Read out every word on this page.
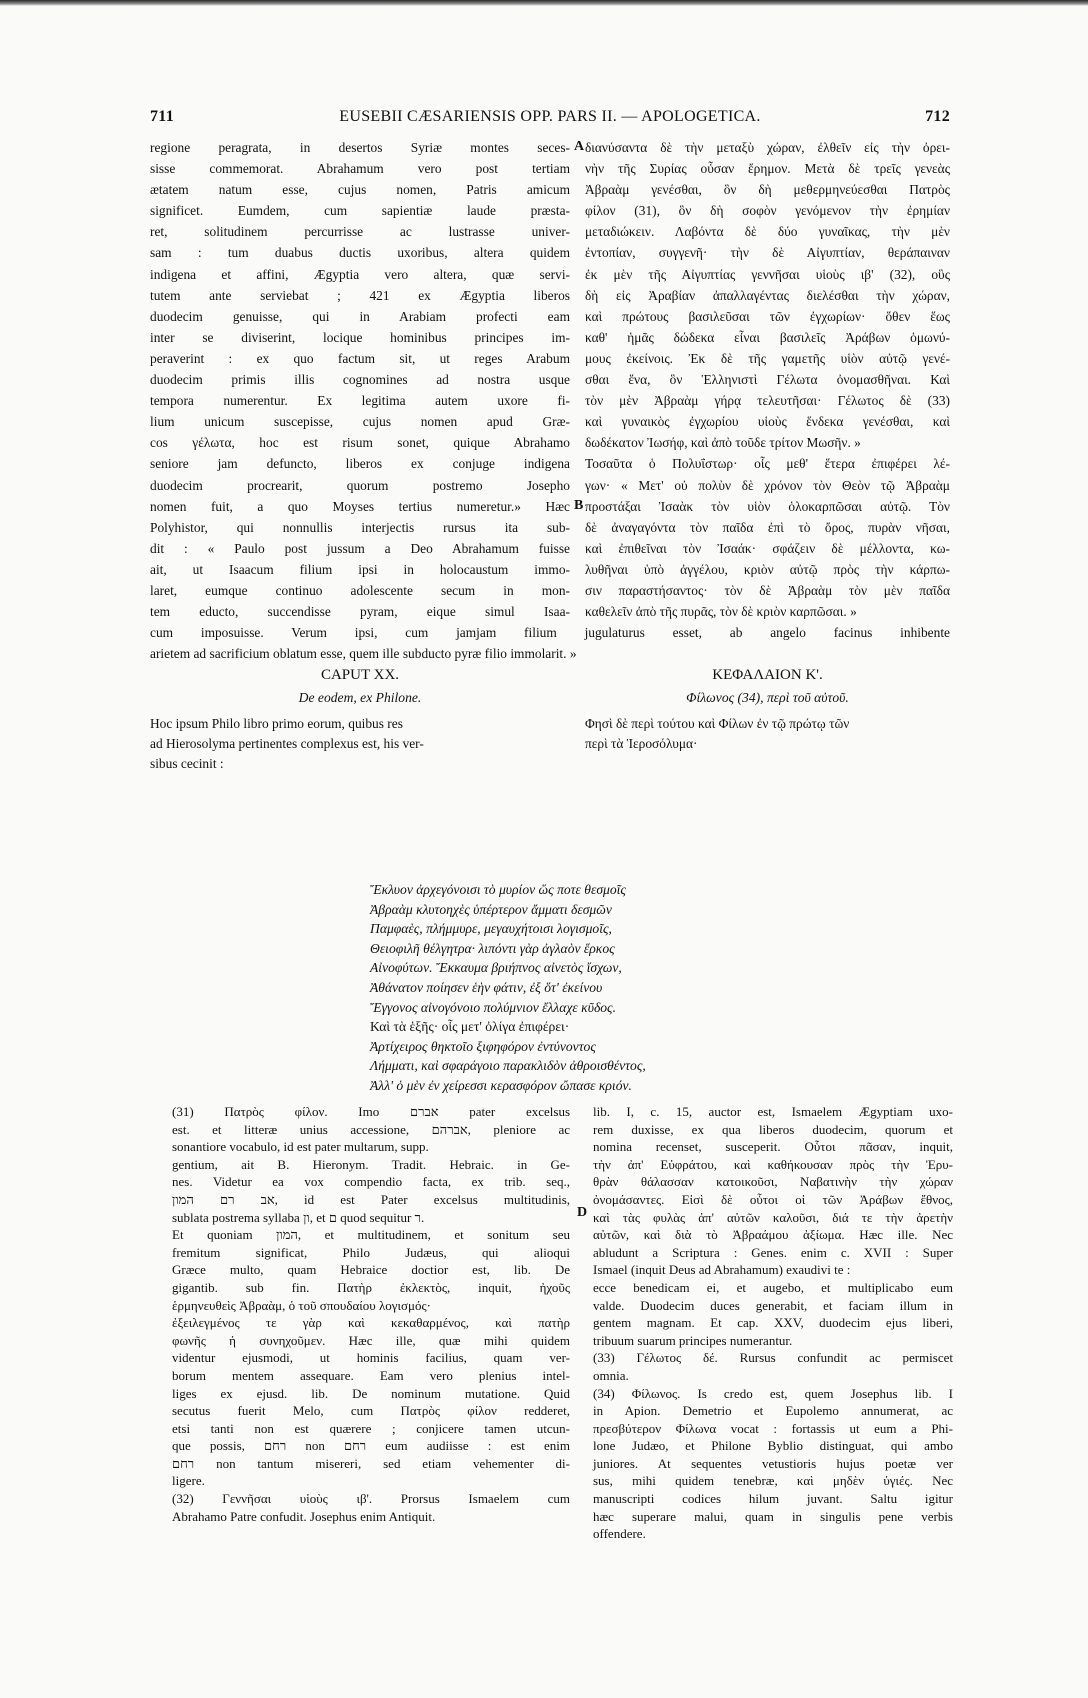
711	EUSEBII CÆSARIENSIS OPP. PARS II. — APOLOGETICA.	712
A
B
D
regione peragrata, in desertos Syriæ montes seces-
sisse commemorat. Abrahamum vero post tertiam
ætatem natum esse, cujus nomen, Patris amicum
significet. Eumdem, cum sapientiæ laude præsta-
ret, solitudinem percurrisse ac lustrasse univer-
sam : tum duabus ductis uxoribus, altera quidem
indigena et affini, Ægyptia vero altera, quæ servi-
tutem ante serviebat ; 421 ex Ægyptia liberos
duodecim genuisse, qui in Arabiam profecti eam
inter se diviserint, locique hominibus principes im-
peraverint : ex quo factum sit, ut reges Arabum
duodecim primis illis cognomines ad nostra usque
tempora numerentur. Ex legitima autem uxore fi-
lium unicum suscepisse, cujus nomen apud Græ-
cos γέλωτα, hoc est risum sonet, quique Abrahamo
seniore jam defuncto, liberos ex conjuge indigena
duodecim procrearit, quorum postremo Josepho
nomen fuit, a quo Moyses tertius numeretur.» Hæc
Polyhistor, qui nonnullis interjectis rursus ita sub-
dit : « Paulo post jussum a Deo Abrahamum fuisse
ait, ut Isaacum filium ipsi in holocaustum immo-
laret, eumque continuo adolescente secum in mon-
tem educto, succendisse pyram, eique simul Isaa-
διανύσαντα δὲ τὴν μεταξὺ χώραν, ἐλθεῖν εἰς τὴν ὀρει-
νὴν τῆς Συρίας οὖσαν ἔρημον. Μετὰ δὲ τρεῖς γενεὰς
Ἀβραὰμ γενέσθαι, ὃν δὴ μεθερμηνεύεσθαι Πατρὸς
φίλον (31), ὃν δὴ σοφὸν γενόμενον τὴν ἐρημίαν
μεταδιώκειν. Λαβόντα δὲ δύο γυναῖκας, τὴν μὲν
ἐντοπίαν, συγγενῆ· τὴν δὲ Αἰγυπτίαν, θεράπαιναν
ἐκ μὲν τῆς Αἰγυπτίας γεννῆσαι υἱοὺς ιβ' (32), οὓς
δὴ εἰς Ἀραβίαν ἀπαλλαγέντας διελέσθαι τὴν χώραν,
καὶ πρώτους βασιλεῦσαι τῶν ἐγχωρίων· ὅθεν ἕως
καθ' ἡμᾶς δώδεκα εἶναι βασιλεῖς Ἀράβων ὁμωνύ-
μους ἐκείνοις. Ἐκ δὲ τῆς γαμετῆς υἱὸν αὐτῷ γενέ-
σθαι ἕνα, ὃν Ἑλληνιστὶ Γέλωτα ὀνομασθῆναι. Καὶ
τὸν μὲν Ἀβραὰμ γήρᾳ τελευτῆσαι· Γέλωτος δὲ (33)
καὶ γυναικὸς ἐγχωρίου υἱοὺς ἕνδεκα γενέσθαι, καὶ
δωδέκατον Ἰωσήφ, καὶ ἀπὸ τοῦδε τρίτον Μωσῆν. »
Τοσαῦτα ὁ Πολυΐστωρ· οἷς μεθ' ἕτερα ἐπιφέρει λέ-
γων· « Μετ' οὐ πολὺν δὲ χρόνον τὸν Θεὸν τῷ Ἀβραὰμ
προστάξαι Ἰσαὰκ τὸν υἱὸν ὁλοκαρπῶσαι αὐτῷ. Τὸν
δὲ ἀναγαγόντα τὸν παῖδα ἐπὶ τὸ ὄρος, πυρὰν νῆσαι,
καὶ ἐπιθεῖναι τὸν Ἰσαάκ· σφάζειν δὲ μέλλοντα, κω-
λυθῆναι ὑπὸ ἀγγέλου, κριὸν αὐτῷ πρὸς τὴν κάρπω-
σιν παραστήσαντος· τὸν δὲ Ἀβραὰμ τὸν μὲν παῖδα
καθελεῖν ἀπὸ τῆς πυρᾶς, τὸν δὲ κριὸν καρπῶσαι. »
cum imposuisse. Verum ipsi, cum jamjam filium jugulaturus esset, ab angelo facinus inhibente
arietem ad sacrificium oblatum esse, quem ille subducto pyræ filio immolarit. »
CAPUT XX.
De eodem, ex Philone.
Hoc ipsum Philo libro primo eorum, quibus res
ad Hierosolyma pertinentes complexus est, his ver-
sibus cecinit :
ΚΕΦΑΛΑΙΟΝ Κ'.
Φίλωνος (34), περὶ τοῦ αὐτοῦ.
Φησὶ δὲ περὶ τούτου καὶ Φίλων ἐν τῷ πρώτῳ τῶν
περὶ τὰ Ἱεροσόλυμα·
Ἔκλυον ἀρχεγόνοισι τὸ μυρίον ὥς ποτε θεσμοῖς
Ἀβραὰμ κλυτοηχὲς ὑπέρτερον ἄμματι δεσμῶν
Παμφαὲς, πλήμμυρε, μεγαυχήτοισι λογισμοῖς,
Θειοφιλῆ θέλγητρα· λιπόντι γὰρ ἀγλαὸν ἕρκος
Αἰνοφύτων. Ἔκκαυμα βριήπνος αἰνετὸς ἴσχων,
Ἀθάνατον ποίησεν ἑὴν φάτιν, ἐξ ὅτ' ἐκείνου
Ἔγγονος αἰνογόνοιο πολύμνιον ἔλλαχε κῦδος.
Καὶ τὰ ἑξῆς· οἷς μετ' ὀλίγα ἐπιφέρει·
Ἀρτίχειρος θηκτοῖο ξιφηφόρον ἐντύνοντος
Λήμματι, καὶ σφαράγοιο παρακλιδὸν ἀθροισθέντος,
Ἀλλ' ὁ μὲν ἐν χείρεσσι κερασφόρον ὤπασε κριόν.
(31) Πατρὸς φίλον. Imo אברם pater excelsus
est. et litteræ unius accessione, אברהם, pleniore ac
sonantiore vocabulo, id est pater multarum, supp.
gentium, ait B. Hieronym. Tradit. Hebraic. in Ge-
nes. Videtur ea vox compendio facta, ex trib. seq.,
אב רם המון, id est Pater excelsus multitudinis,
sublata postrema syllaba ון, et ם quod sequitur ר.
Et quoniam המון, et multitudinem, et sonitum seu
fremitum significat, Philo Judæus, qui alioqui
Græce multo, quam Hebraice doctior est, lib. De
gigantib. sub fin. Πατὴρ ἐκλεκτὸς, inquit, ἠχοῦς
ἑρμηνευθεὶς Ἀβραὰμ, ὁ τοῦ σπουδαίου λογισμός·
ἐξειλεγμένος τε γὰρ καὶ κεκαθαρμένος, καὶ πατὴρ
φωνῆς ἡ συνηχοῦμεν. Hæc ille, quæ mihi quidem
videntur ejusmodi, ut hominis facilius, quam ver-
borum mentem assequare. Eam vero plenius intel-
liges ex ejusd. lib. De nominum mutatione. Quid
secutus fuerit Melo, cum Πατρὸς φίλον redderet,
etsi tanti non est quærere ; conjicere tamen utcun-
que possis, רחם non רחם eum audiisse : est enim
רחם non tantum misereri, sed etiam vehementer di-
ligere.
(32) Γεννῆσαι υἱοὺς ιβ'. Prorsus Ismaelem cum
Abrahamo Patre confudit. Josephus enim Antiquit.
lib. I, c. 15, auctor est, Ismaelem Ægyptiam uxo-
rem duxisse, ex qua liberos duodecim, quorum et
nomina recenset, susceperit. Οὗτοι πᾶσαν, inquit,
τὴν ἀπ' Εὐφράτου, καὶ καθήκουσαν πρὸς τὴν Ἐρυ-
θρὰν θάλασσαν κατοικοῦσι, Ναβατινὴν τὴν χώραν
ὀνομάσαντες. Εἰσὶ δὲ οὗτοι οἱ τῶν Ἀράβων ἔθνος,
καὶ τὰς φυλὰς ἀπ' αὐτῶν καλοῦσι, διά τε τὴν ἀρετὴν
αὐτῶν, καὶ διὰ τὸ Ἀβραάμου ἀξίωμα. Hæc ille. Nec
abludunt a Scriptura : Genes. enim c. XVII : Super
Ismael (inquit Deus ad Abrahamum) exaudivi te :
ecce benedicam ei, et augebo, et multiplicabo eum
valde. Duodecim duces generabit, et faciam illum in
gentem magnam. Et cap. XXV, duodecim ejus liberi,
tribuum suarum principes numerantur.
(33) Γέλωτος δέ. Rursus confundit ac permiscet
omnia.
(34) Φίλωνος. Is credo est, quem Josephus lib. I
in Apion. Demetrio et Eupolemo annumerat, ac
πρεσβύτερον Φίλωνα vocat : fortassis ut eum a Phi-
lone Judæo, et Philone Byblio distinguat, qui ambo
juniores. At sequentes vetustioris hujus poetæ ver
sus, mihi quidem tenebræ, καὶ μηδὲν ὑγιές. Nec
manuscripti codices hilum juvant. Saltu igitur
hæc superare malui, quam in singulis pene verbis
offendere.
